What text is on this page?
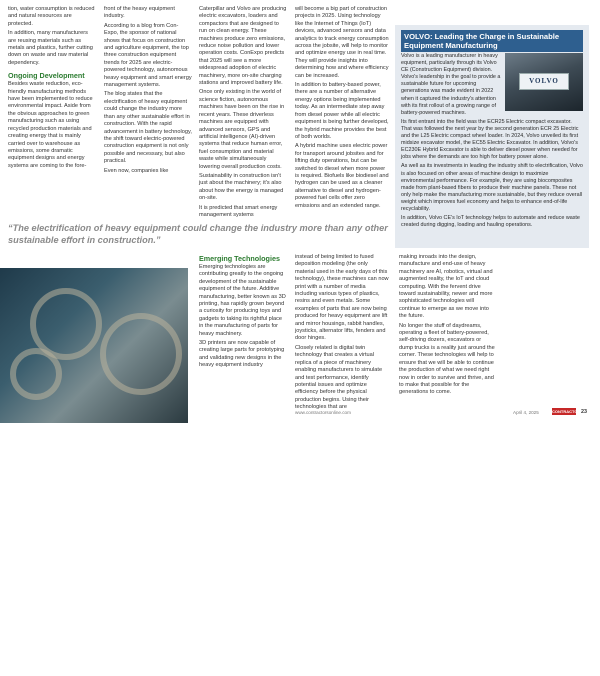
tion, water consumption is reduced and natural resources are protected.

In addition, many manufacturers are reusing materials such as metals and plastics, further cutting down on waste and raw material dependency.

Ongoing Development

Besides waste reduction, eco-friendly manufacturing methods have been implemented to reduce environmental impact. Aside from the obvious approaches to green manufacturing such as using recycled production materials and creating energy that is mainly carried over to warehouse as emissions, some dramatic equipment designs and energy systems are coming to the fore-

front of the heavy equipment industry.

According to a blog from Con-Expo, the sponsor of national shows that focus on construction and agriculture equipment, the top three construction equipment trends for 2025 are electric-powered technology, autonomous heavy equipment and smart energy management systems.

The blog states that the electrification of heavy equipment could change the industry more than any other sustainable effort in construction. With the rapid advancement in battery technology, the shift toward electric-powered construction equipment is not only possible and necessary, but also practical.

Even now, companies like

Caterpillar and Volvo are producing electric excavators, loaders and compactors that are designed to run on clean energy. These machines produce zero emissions, reduce noise pollution and lower operation costs. ConExpo predicts that 2025 will see a more widespread adoption of electric machinery, more on-site charging stations and improved battery life.

Once only existing in the world of science fiction, autonomous machines have been on the rise in recent years. These driverless machines are equipped with advanced sensors, GPS and artificial intelligence (AI)-driven systems that reduce human error, fuel consumption and material waste while simultaneously lowering overall production costs.

Sustainability in construction isn't just about the machinery; it's also about how the energy is managed on-site.

It is predicted that smart energy management systems

will become a big part of construction projects in 2025. Using technology like the Internet of Things (IoT) devices, advanced sensors and data analytics to track energy consumption across the jobsite, will help to monitor and optimize energy use in real time. They will provide insights into determining how and where efficiency can be increased.

In addition to battery-based power, there are a number of alternative energy options being implemented today. As an intermediate step away from diesel power while all electric equipment is being further developed, the hybrid machine provides the best of both worlds.

A hybrid machine uses electric power for transport around jobsites and for lifting duty operations, but can be switched to diesel when more power is required. Biofuels like biodiesel and hydrogen can be used as a cleaner alternative to diesel and hydrogen-powered fuel cells offer zero emissions and an extended range.

VOLVO: Leading the Charge in Sustainable Equipment Manufacturing
VOLVO

Volvo is a leading manufacturer in heavy equipment, particularly through its Volvo CE (Construction Equipment) division. Volvo's leadership in the goal to provide a sustainable future for upcoming generations was made evident in 2022 when it captured the industry's attention with its first rollout of a growing range of battery-powered machines.

Its first entrant into the field was the ECR25 Electric compact excavator. That was followed the next year by the second generation ECR 25 Electric and the L25 Electric compact wheel loader. In 2024, Volvo unveiled its first midsize excavator model, the EC55 Electric Excavator. In addition, Volvo's EC230E Hybrid Excavator is able to deliver diesel power when needed for jobs where the demands are too high for battery power alone.

As well as its investments in leading the industry shift to electrification, Volvo is also focused on other areas of machine design to maximize environmental performance. For example, they are using biocomposites made from plant-based fibers to produce their machine panels. These not only help make the manufacturing more sustainable, but they reduce overall weight which improves fuel economy and helps to enhance end-of-life recyclability.

In addition, Volvo CE's IoT technology helps to automate and reduce waste created during digging, loading and hauling operations.

“The electrification of heavy equipment could change the industry more than any other sustainable effort in construction.”
Hydrogen fuel cell engines provide clean energy for industrial and heavy equipment.
Emerging Technologies

Emerging technologies are contributing greatly to the ongoing development of the sustainable equipment of the future. Additive manufacturing, better known as 3D printing, has rapidly grown beyond a curiosity for producing toys and gadgets to taking its rightful place in the manufacturing of parts for heavy machinery.

3D printers are now capable of creating large parts for prototyping and validating new designs in the heavy equipment industry

instead of being limited to fused deposition modeling (the only material used in the early days of this technology), these machines can now print with a number of media including various types of plastics, resins and even metals. Some examples of parts that are now being produced for heavy equipment are lift and mirror housings, rabbit handles, joysticks, alternator lifts, fenders and door hinges.

Closely related is digital twin technology that creates a virtual replica of a piece of machinery enabling manufacturers to simulate and test performance, identify potential issues and optimize efficiency before the physical production begins. Using their technologies that are

making inroads into the design, manufacture and end-use of heavy machinery are AI, robotics, virtual and augmented reality, the IoT and cloud computing. With the fervent drive toward sustainability, newer and more sophisticated technologies will continue to emerge as we move into the future.

No longer the stuff of daydreams, operating a fleet of battery-powered, self-driving dozers, excavators or dump trucks is a reality just around the corner. These technologies will help to ensure that we will be able to continue the production of what we need right now in order to survive and thrive, and to make that possible for the generations to come.

www.contractorsonline.com	April 4, 2025	CONTRACTORS
23
